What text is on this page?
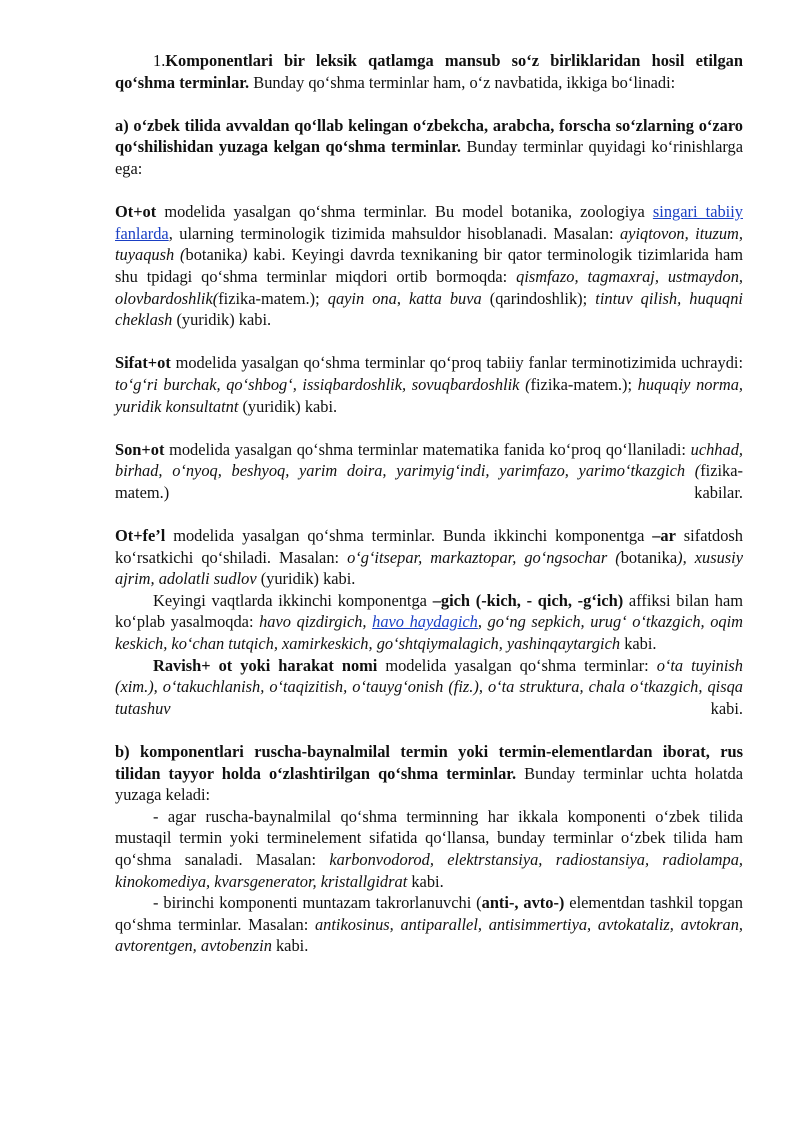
1.Komponentlari bir leksik qatlamga mansub so‘z birliklaridan hosil etilgan qo‘shma terminlar. Bunday qo‘shma terminlar ham, o‘z navbatida, ikkiga bo‘linadi:

a) o‘zbek tilida avvaldan qo‘llab kelingan o‘zbekcha, arabcha, forscha so‘zlarning o‘zaro qo‘shilishidan yuzaga kelgan qo‘shma terminlar. Bunday terminlar quyidagi ko‘rinishlarga ega:

Ot+ot modelida yasalgan qo‘shma terminlar. Bu model botanika, zoologiya singari tabiiy fanlarda, ularning terminologik tizimida mahsuldor hisoblanadi. Masalan: ayiqtovon, ituzum, tuyaqush (botanika) kabi. Keyingi davrda texnikaning bir qator terminologik tizimlarida ham shu tpidagi qo‘shma terminlar miqdori ortib bormoqda: qismfazo, tagmaxraj, ustmaydon, olovbardoshlik(fizika-matem.); qayin ona, katta buva (qarindoshlik); tintuv qilish, huquqni cheklash (yuridik) kabi.

Sifat+ot modelida yasalgan qo‘shma terminlar qo‘proq tabiiy fanlar terminotizimida uchraydi: to‘g‘ri burchak, qo‘shbog‘, issiqbardoshlik, sovuqbardoshlik (fizika-matem.); huquqiy norma, yuridik konsultatnt (yuridik) kabi.

Son+ot modelida yasalgan qo‘shma terminlar matematika fanida ko‘proq qo‘llaniladi: uchhad, birhad, o‘nyoq, beshyoq, yarim doira, yarimyig‘indi, yarimfazo, yarimo‘tkazgich (fizika-matem.) kabilar.

Ot+fe’l modelida yasalgan qo‘shma terminlar. Bunda ikkinchi komponentga –ar sifatdosh ko‘rsatkichi qo‘shiladi. Masalan: o‘g‘itsepar, markaztopar, go‘ngsochar (botanika), xususiy ajrim, adolatli sudlov (yuridik) kabi.

Keyingi vaqtlarda ikkinchi komponentga –gich (-kich, - qich, -g‘ich) affiksi bilan ham ko‘plab yasalmoqda: havo qizdirgich, havo haydagich, go‘ng sepkich, urug‘ o‘tkazgich, oqim keskich, ko‘chan tutqich, xamirkeskich, go‘shtqiymalagich, yashinqaytargich kabi.

Ravish+ ot yoki harakat nomi modelida yasalgan qo‘shma terminlar: o‘ta tuyinish (xim.), o‘takuchlanish, o‘taqizitish, o‘tauyg‘onish (fiz.), o‘ta struktura, chala o‘tkazgich, qisqa tutashuv kabi.

b) komponentlari ruscha-baynalmilal termin yoki termin-elementlardan iborat, rus tilidan tayyor holda o‘zlashtirilgan qo‘shma terminlar. Bunday terminlar uchta holatda yuzaga keladi:

- agar ruscha-baynalmilal qo‘shma terminning har ikkala komponenti o‘zbek tilida mustaqil termin yoki terminelement sifatida qo‘llansa, bunday terminlar o‘zbek tilida ham qo‘shma sanaladi. Masalan: karbonvodorod, elektrstansiya, radiostansiya, radiolampa, kinokomediya, kvarsgenerator, kristallgidrat kabi.

- birinchi komponenti muntazam takrorlanuvchi (anti-, avto-) elementdan tashkil topgan qo‘shma terminlar. Masalan: antikosinus, antiparallel, antisimmertiya, avtokataliz, avtokran, avtorentgen, avtobenzin kabi.
